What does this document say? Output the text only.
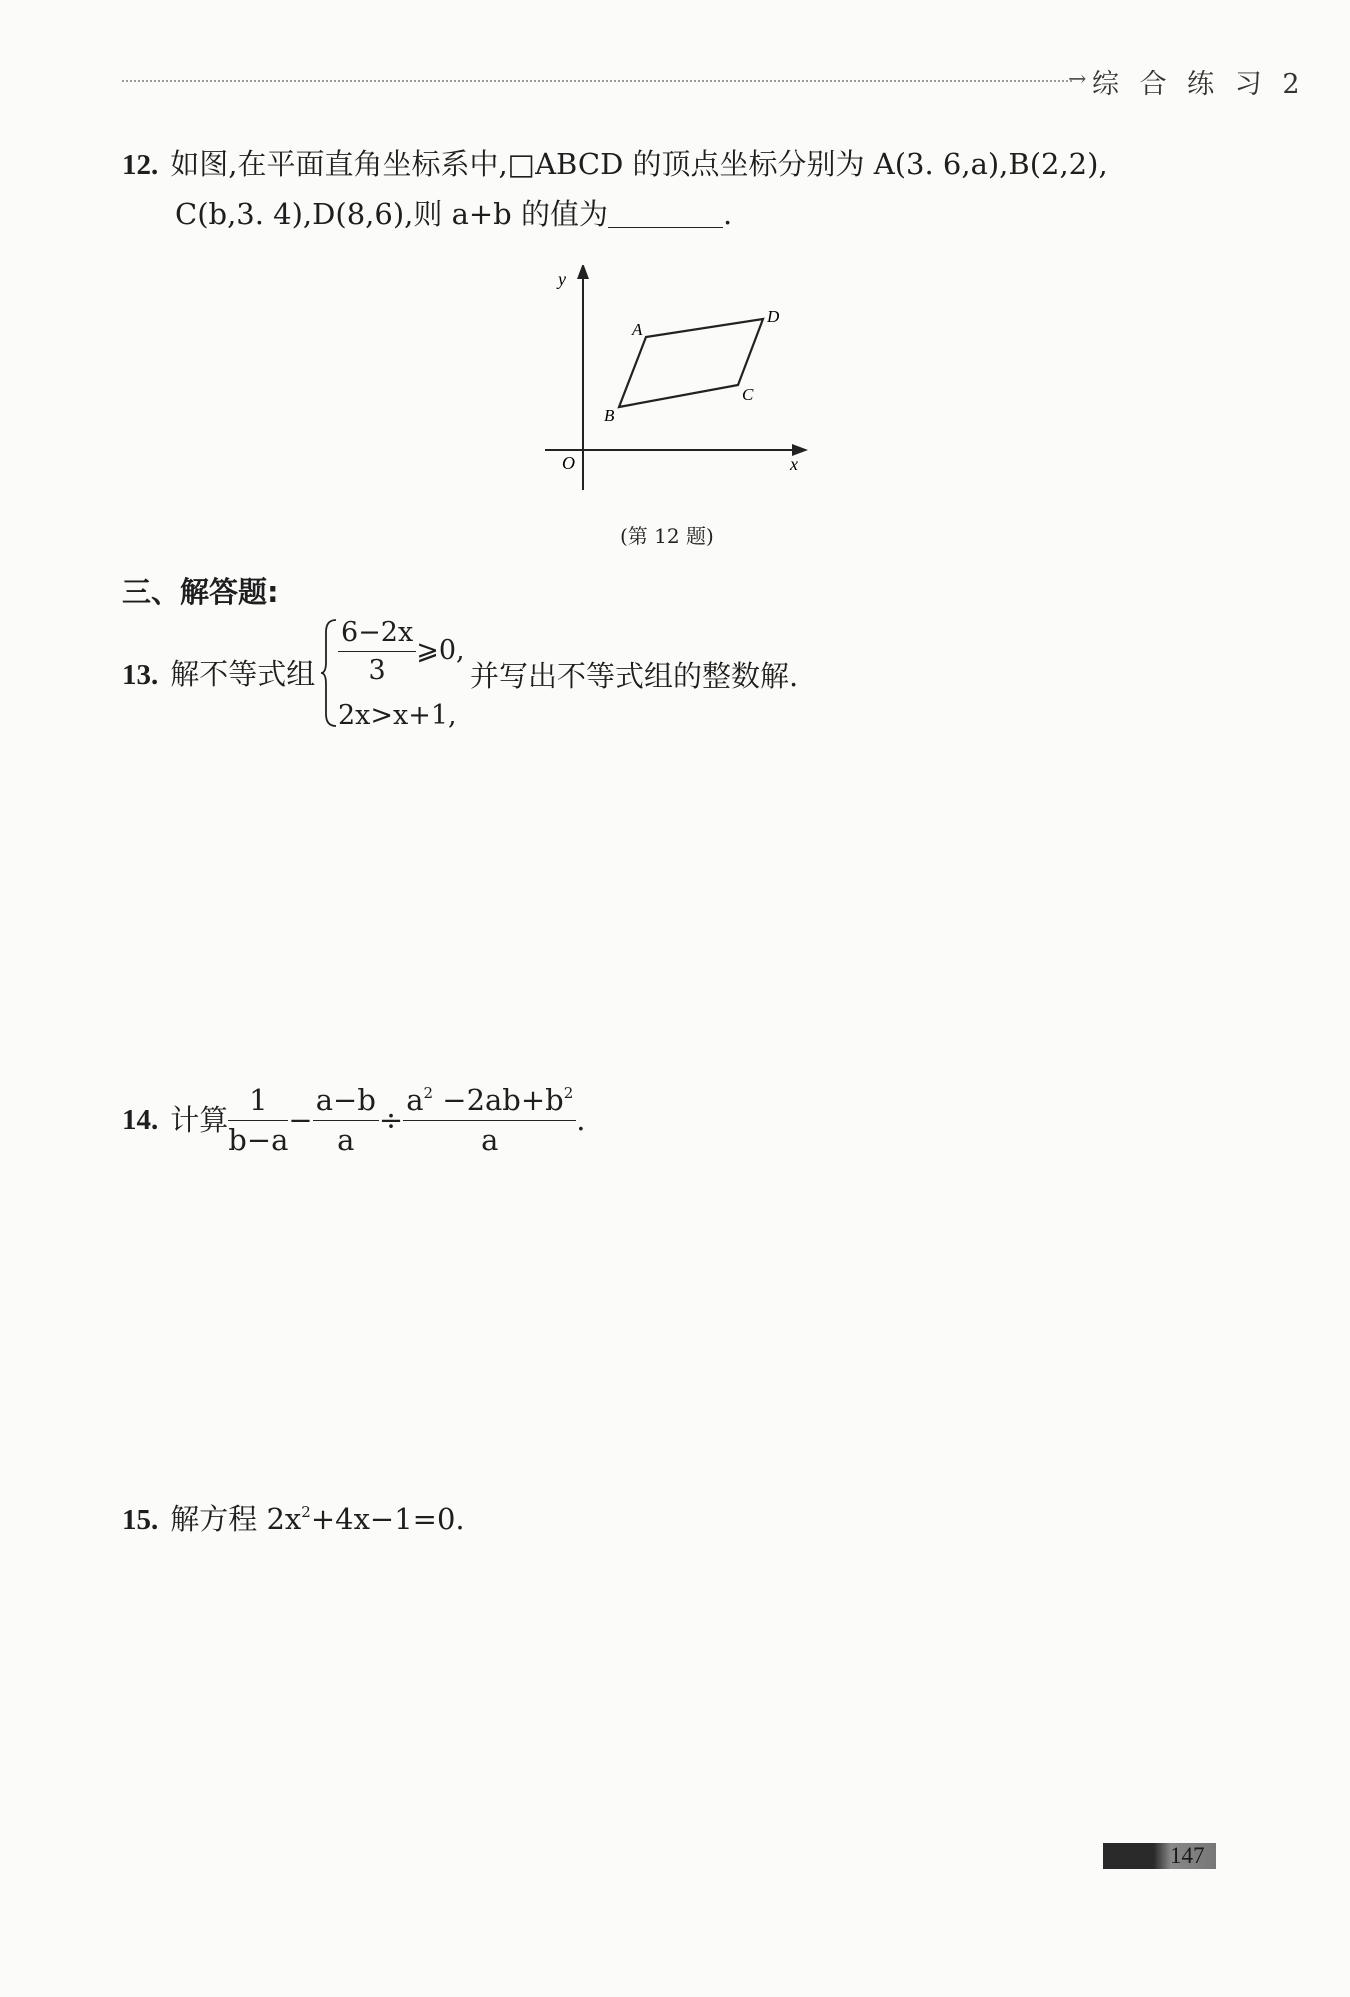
→ 综 合 练 习 2
12. 如图,在平面直角坐标系中,□ABCD 的顶点坐标分别为 A(3. 6,a),B(2,2),
C(b,3. 4),D(8,6),则 a+b 的值为	.
y
x
O
A
B
C
D
(第 12 题)
三、解答题:
13. 解不等式组 $\frac{6-2x}{3}$ ⩾0,
并写出不等式组的整数解.
2x>x+1,
14. 计算 $\frac{1}{b-a} - \frac{a-b}{a} \div \frac{a^2 -2ab+b^2}{a}$ .
15. 解方程 $2x^2+4x-1=0$.
147
